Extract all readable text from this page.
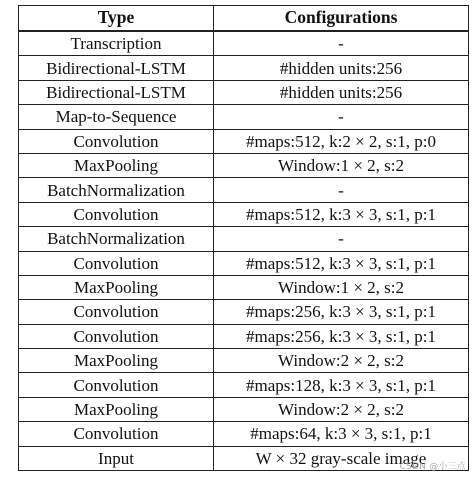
Type	Configurations
Transcription	-
Bidirectional-LSTM	#hidden units:256
Bidirectional-LSTM	#hidden units:256
Map-to-Sequence	-
Convolution	#maps:512, k:2 × 2, s:1, p:0
MaxPooling	Window:1 × 2, s:2
BatchNormalization	-
Convolution	#maps:512, k:3 × 3, s:1, p:1
BatchNormalization	-
Convolution	#maps:512, k:3 × 3, s:1, p:1
MaxPooling	Window:1 × 2, s:2
Convolution	#maps:256, k:3 × 3, s:1, p:1
Convolution	#maps:256, k:3 × 3, s:1, p:1
MaxPooling	Window:2 × 2, s:2
Convolution	#maps:128, k:3 × 3, s:1, p:1
MaxPooling	Window:2 × 2, s:2
Convolution	#maps:64, k:3 × 3, s:1, p:1
Input	W × 32 gray-scale image
CSDN @小三点
